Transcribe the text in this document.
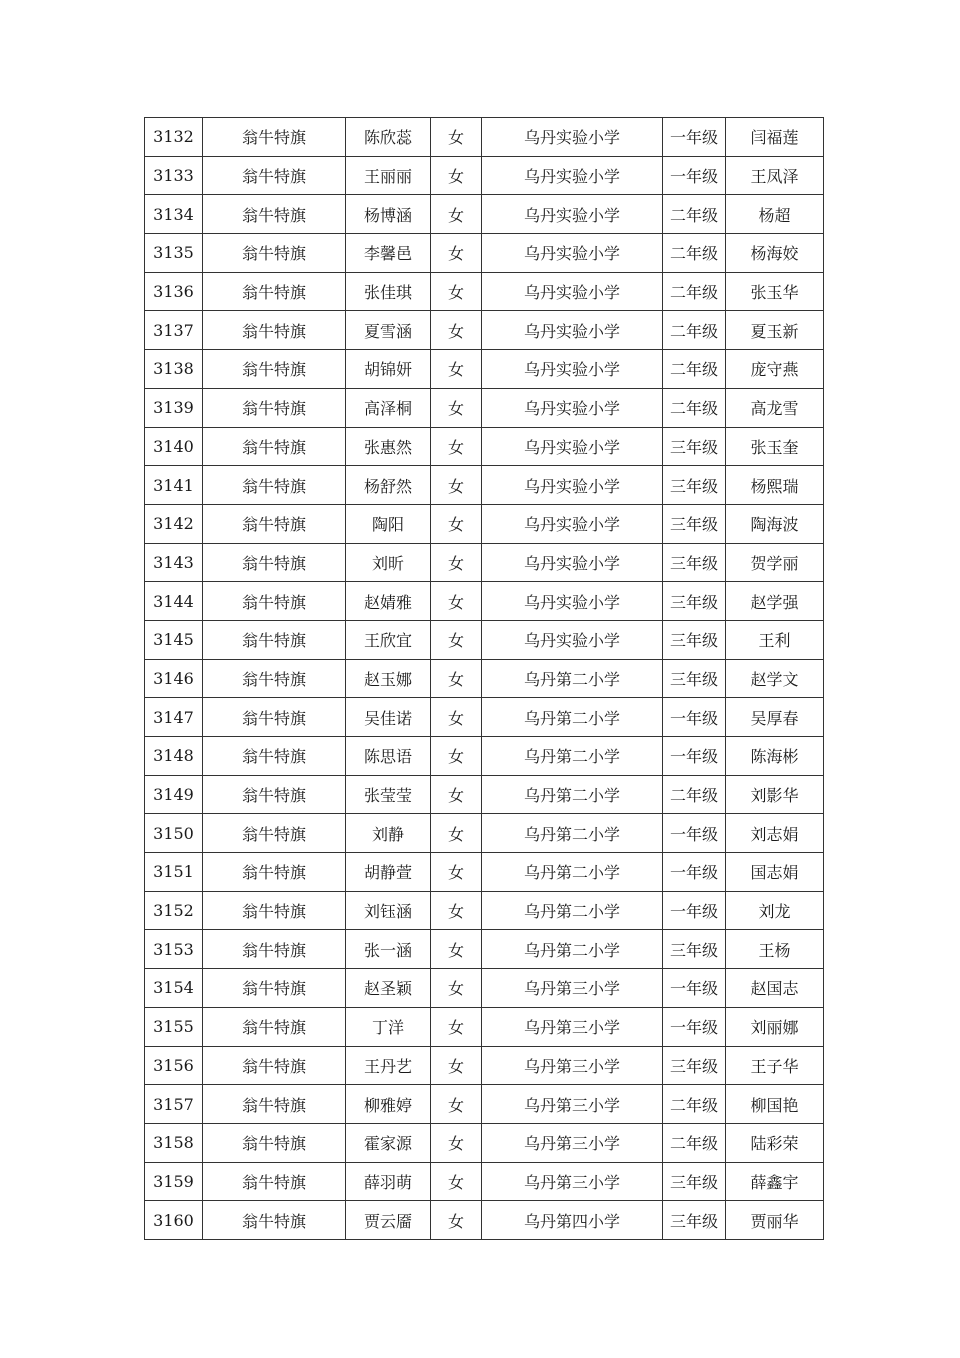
3132	翁牛特旗	陈欣蕊	女	乌丹实验小学	一年级	闫福莲
3133	翁牛特旗	王丽丽	女	乌丹实验小学	一年级	王凤泽
3134	翁牛特旗	杨博涵	女	乌丹实验小学	二年级	杨超
3135	翁牛特旗	李馨邑	女	乌丹实验小学	二年级	杨海姣
3136	翁牛特旗	张佳琪	女	乌丹实验小学	二年级	张玉华
3137	翁牛特旗	夏雪涵	女	乌丹实验小学	二年级	夏玉新
3138	翁牛特旗	胡锦妍	女	乌丹实验小学	二年级	庞守燕
3139	翁牛特旗	高泽桐	女	乌丹实验小学	二年级	高龙雪
3140	翁牛特旗	张惠然	女	乌丹实验小学	三年级	张玉奎
3141	翁牛特旗	杨舒然	女	乌丹实验小学	三年级	杨熙瑞
3142	翁牛特旗	陶阳	女	乌丹实验小学	三年级	陶海波
3143	翁牛特旗	刘昕	女	乌丹实验小学	三年级	贺学丽
3144	翁牛特旗	赵婧雅	女	乌丹实验小学	三年级	赵学强
3145	翁牛特旗	王欣宜	女	乌丹实验小学	三年级	王利
3146	翁牛特旗	赵玉娜	女	乌丹第二小学	三年级	赵学文
3147	翁牛特旗	吴佳诺	女	乌丹第二小学	一年级	吴厚春
3148	翁牛特旗	陈思语	女	乌丹第二小学	一年级	陈海彬
3149	翁牛特旗	张莹莹	女	乌丹第二小学	二年级	刘影华
3150	翁牛特旗	刘静	女	乌丹第二小学	一年级	刘志娟
3151	翁牛特旗	胡静萱	女	乌丹第二小学	一年级	国志娟
3152	翁牛特旗	刘钰涵	女	乌丹第二小学	一年级	刘龙
3153	翁牛特旗	张一涵	女	乌丹第二小学	三年级	王杨
3154	翁牛特旗	赵圣颖	女	乌丹第三小学	一年级	赵国志
3155	翁牛特旗	丁洋	女	乌丹第三小学	一年级	刘丽娜
3156	翁牛特旗	王丹艺	女	乌丹第三小学	三年级	王子华
3157	翁牛特旗	柳雅婷	女	乌丹第三小学	二年级	柳国艳
3158	翁牛特旗	霍家源	女	乌丹第三小学	二年级	陆彩荣
3159	翁牛特旗	薛羽萌	女	乌丹第三小学	三年级	薛鑫宇
3160	翁牛特旗	贾云靥	女	乌丹第四小学	三年级	贾丽华
